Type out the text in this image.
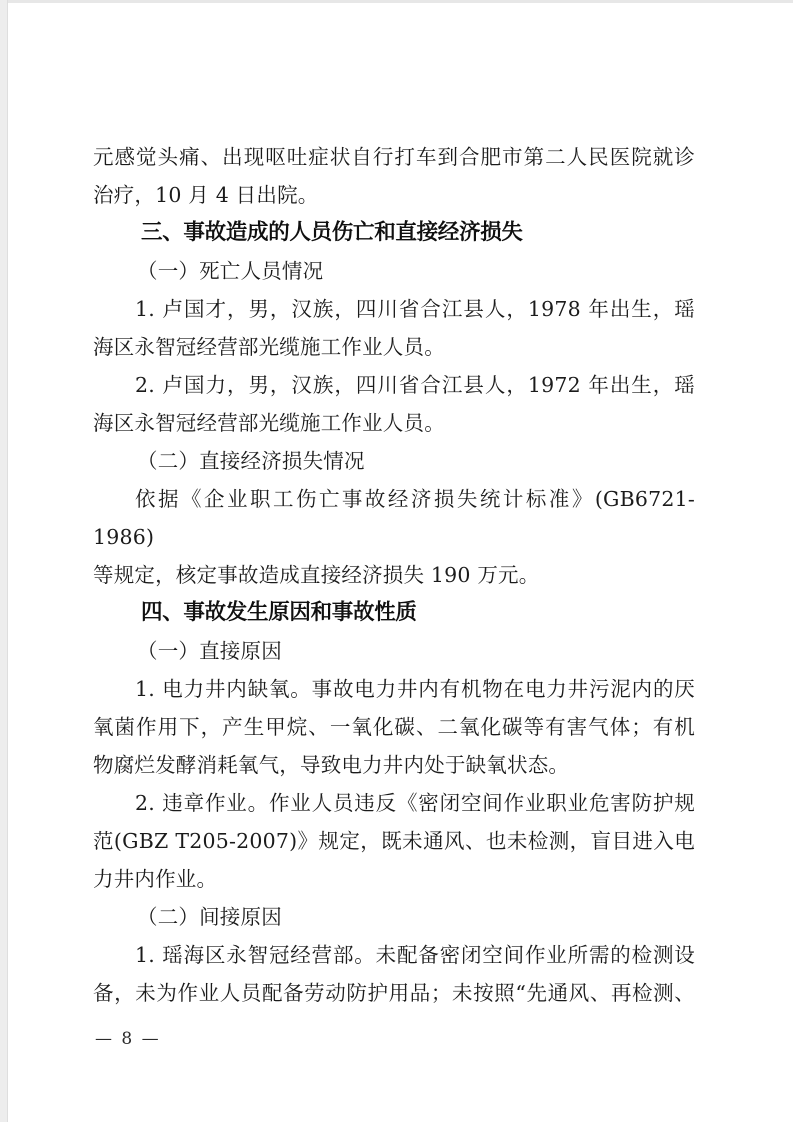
元感觉头痛、出现呕吐症状自行打车到合肥市第二人民医院就诊
治疗，10 月 4 日出院。
三、事故造成的人员伤亡和直接经济损失
（一）死亡人员情况
1. 卢国才，男，汉族，四川省合江县人，1978 年出生，瑶
海区永智冠经营部光缆施工作业人员。
2. 卢国力，男，汉族，四川省合江县人，1972 年出生，瑶
海区永智冠经营部光缆施工作业人员。
（二）直接经济损失情况
依据《企业职工伤亡事故经济损失统计标准》(GB6721-1986)
等规定，核定事故造成直接经济损失 190 万元。
四、事故发生原因和事故性质
（一）直接原因
1. 电力井内缺氧。事故电力井内有机物在电力井污泥内的厌
氧菌作用下，产生甲烷、一氧化碳、二氧化碳等有害气体；有机
物腐烂发酵消耗氧气，导致电力井内处于缺氧状态。
2. 违章作业。作业人员违反《密闭空间作业职业危害防护规
范(GBZ T205-2007)》规定，既未通风、也未检测，盲目进入电
力井内作业。
（二）间接原因
1. 瑶海区永智冠经营部。未配备密闭空间作业所需的检测设
备，未为作业人员配备劳动防护用品；未按照“先通风、再检测、
— 8 —
